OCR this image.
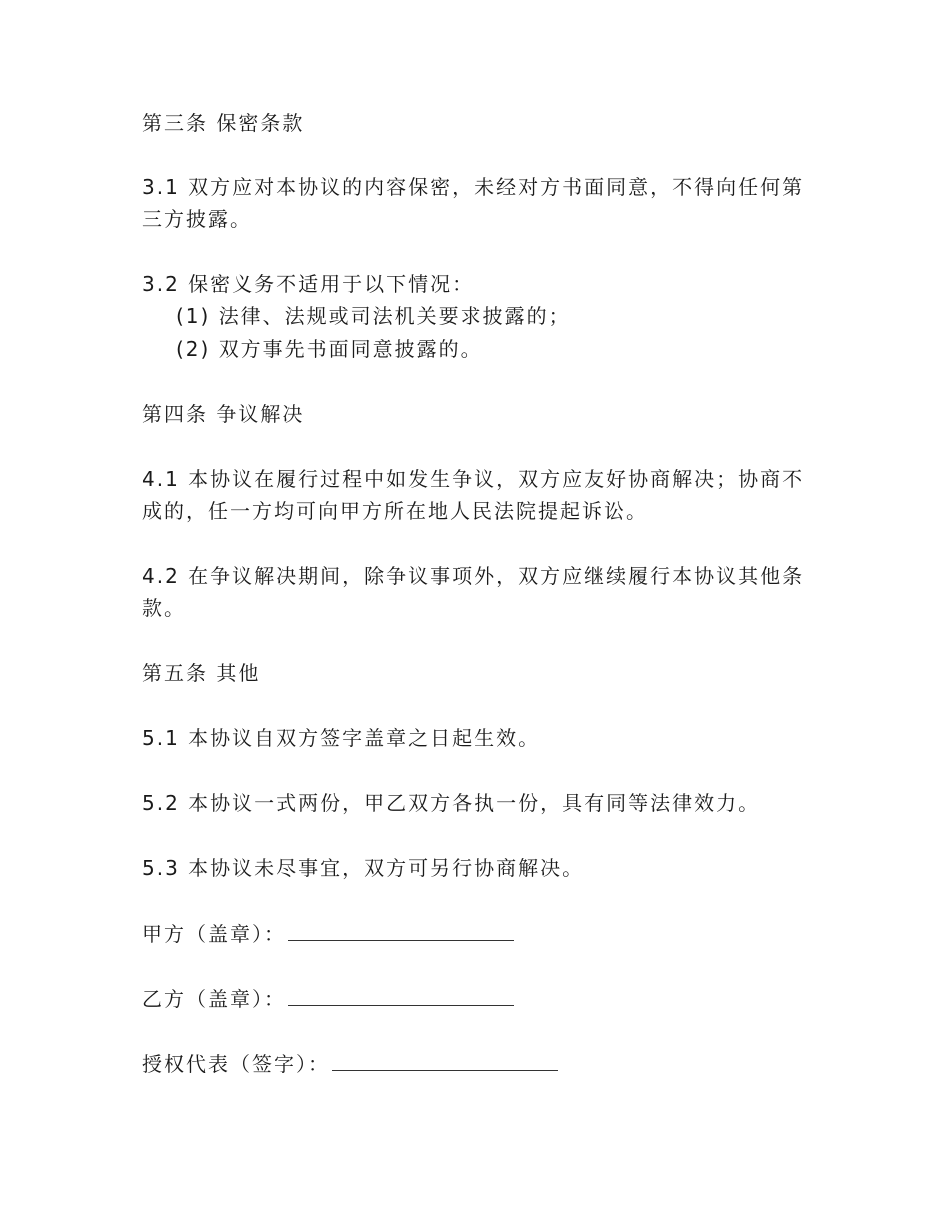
第三条 保密条款
3.1 双方应对本协议的内容保密，未经对方书面同意，不得向任何第
三方披露。
3.2 保密义务不适用于以下情况：
(1) 法律、法规或司法机关要求披露的；
(2) 双方事先书面同意披露的。
第四条 争议解决
4.1 本协议在履行过程中如发生争议，双方应友好协商解决；协商不
成的，任一方均可向甲方所在地人民法院提起诉讼。
4.2 在争议解决期间，除争议事项外，双方应继续履行本协议其他条
款。
第五条 其他
5.1 本协议自双方签字盖章之日起生效。
5.2 本协议一式两份，甲乙双方各执一份，具有同等法律效力。
5.3 本协议未尽事宜，双方可另行协商解决。
甲方（盖章）：
乙方（盖章）：
授权代表（签字）：
